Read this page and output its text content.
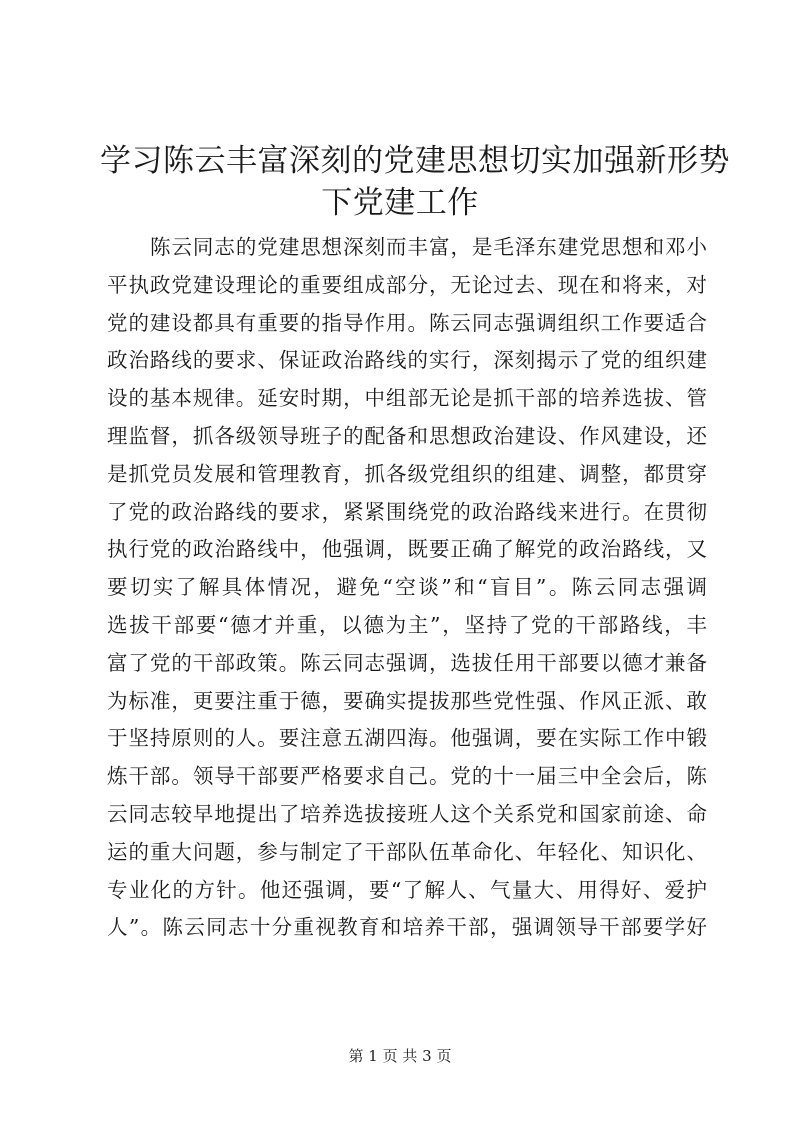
学习陈云丰富深刻的党建思想切实加强新形势
下党建工作
陈云同志的党建思想深刻而丰富，是毛泽东建党思想和邓小
平执政党建设理论的重要组成部分，无论过去、现在和将来，对
党的建设都具有重要的指导作用。陈云同志强调组织工作要适合
政治路线的要求、保证政治路线的实行，深刻揭示了党的组织建
设的基本规律。延安时期，中组部无论是抓干部的培养选拔、管
理监督，抓各级领导班子的配备和思想政治建设、作风建设，还
是抓党员发展和管理教育，抓各级党组织的组建、调整，都贯穿
了党的政治路线的要求，紧紧围绕党的政治路线来进行。在贯彻
执行党的政治路线中，他强调，既要正确了解党的政治路线，又
要切实了解具体情况，避免“空谈”和“盲目”。陈云同志强调
选拔干部要“德才并重，以德为主”，坚持了党的干部路线，丰
富了党的干部政策。陈云同志强调，选拔任用干部要以德才兼备
为标准，更要注重于德，要确实提拔那些党性强、作风正派、敢
于坚持原则的人。要注意五湖四海。他强调，要在实际工作中锻
炼干部。领导干部要严格要求自己。党的十一届三中全会后，陈
云同志较早地提出了培养选拔接班人这个关系党和国家前途、命
运的重大问题，参与制定了干部队伍革命化、年轻化、知识化、
专业化的方针。他还强调，要“了解人、气量大、用得好、爱护
人”。陈云同志十分重视教育和培养干部，强调领导干部要学好
第 1 页 共 3 页
